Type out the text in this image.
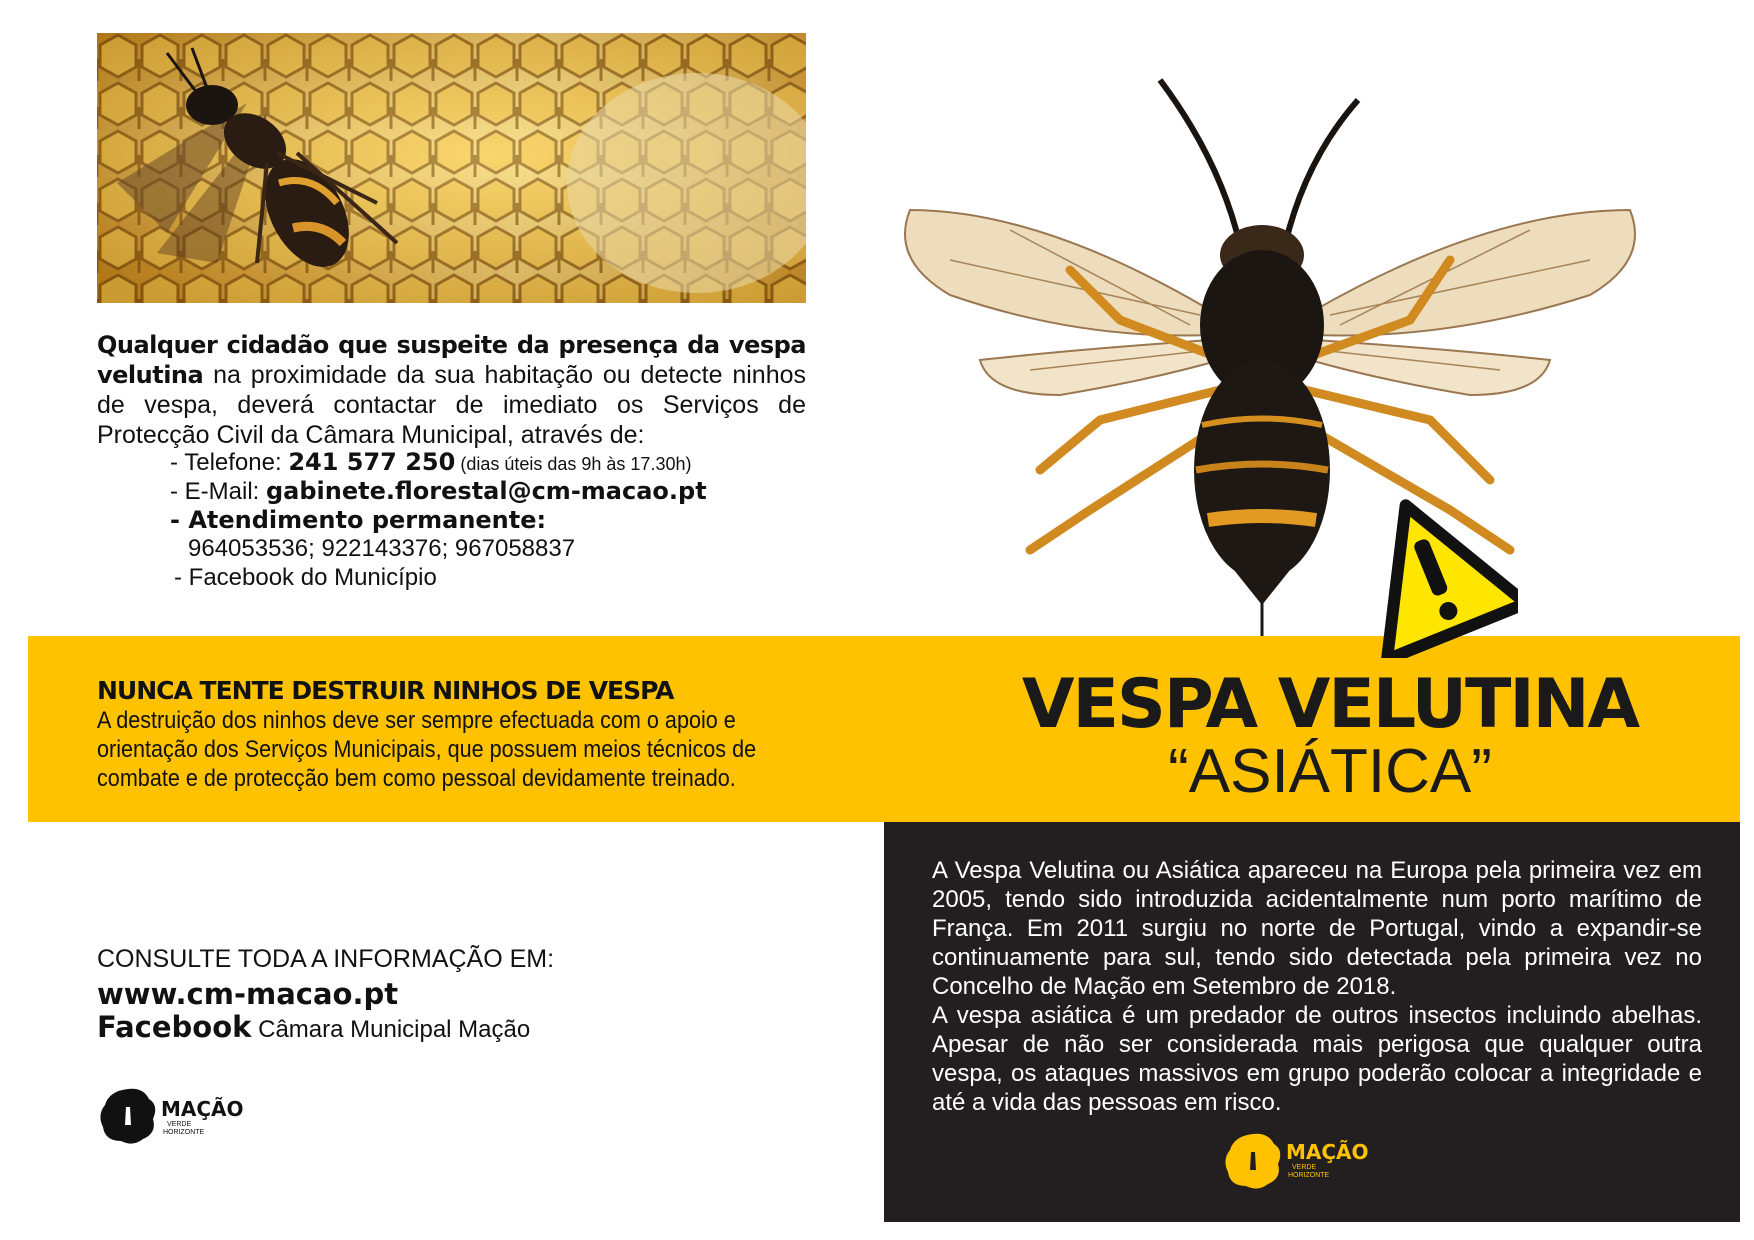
Qualquer cidadão que suspeite da presença da vespa velutina na proximidade da sua habitação ou detecte ninhos de vespa, deverá contactar de imediato os Serviços de Protecção Civil da Câmara Municipal, através de:
- Telefone: 241 577 250 (dias úteis das 9h às 17.30h)
- E-Mail: gabinete.florestal@cm-macao.pt
- Atendimento permanente:
964053536; 922143376; 967058837
- Facebook do Município
NUNCA TENTE DESTRUIR NINHOS DE VESPA
A destruição dos ninhos deve ser sempre efectuada com o apoio e orientação dos Serviços Municipais, que possuem meios técnicos de combate e de protecção bem como pessoal devidamente treinado.
VESPA VELUTINA
“ASIÁTICA”
A Vespa Velutina ou Asiática apareceu na Europa pela primeira vez em 2005, tendo sido introduzida acidentalmente num porto marítimo de França. Em 2011 surgiu no norte de Portugal, vindo a expandir-se continuamente para sul, tendo sido detectada pela primeira vez no Concelho de Mação em Setembro de 2018.
A vespa asiática é um predador de outros insectos incluindo abelhas. Apesar de não ser considerada mais perigosa que qualquer outra vespa, os ataques massivos em grupo poderão colocar a integridade e até a vida das pessoas em risco.
MAÇÃO
VERDE
HORIZONTE
CONSULTE TODA A INFORMAÇÃO EM:
www.cm-macao.pt
Facebook Câmara Municipal Mação
MAÇÃO
VERDE
HORIZONTE
